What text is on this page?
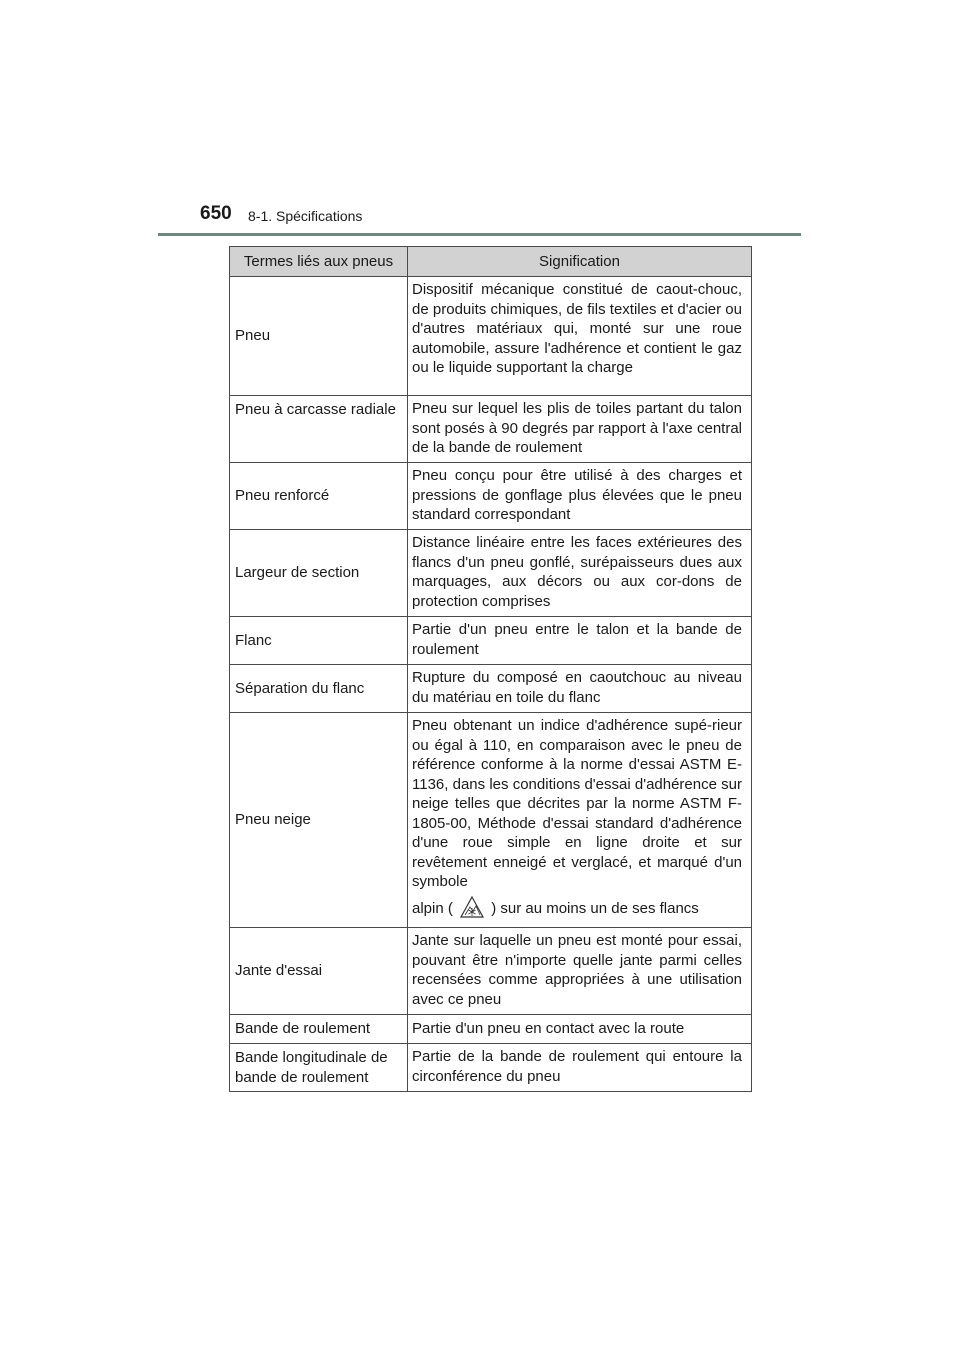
650 8-1. Spécifications
Termes liés aux pneus	Signification
Pneu	Dispositif mécanique constitué de caout-chouc, de produits chimiques, de fils textiles et d'acier ou d'autres matériaux qui, monté sur une roue automobile, assure l'adhérence et contient le gaz ou le liquide supportant la charge

Pneu à carcasse radiale	Pneu sur lequel les plis de toiles partant du talon sont posés à 90 degrés par rapport à l'axe central de la bande de roulement

Pneu renforcé	Pneu conçu pour être utilisé à des charges et pressions de gonflage plus élevées que le pneu standard correspondant

Largeur de section	Distance linéaire entre les faces extérieures des flancs d'un pneu gonflé, surépaisseurs dues aux marquages, aux décors ou aux cor-dons de protection comprises

Flanc	Partie d'un pneu entre le talon et la bande de roulement

Séparation du flanc	Rupture du composé en caoutchouc au niveau du matériau en toile du flanc

Pneu neige	Pneu obtenant un indice d'adhérence supé-rieur ou égal à 110, en comparaison avec le pneu de référence conforme à la norme d'essai ASTM E-1136, dans les conditions d'essai d'adhérence sur neige telles que décrites par la norme ASTM F-1805-00, Méthode d'essai standard d'adhérence d'une roue simple en ligne droite et sur revêtement enneigé et verglacé, et marqué d'un symbole
alpin ( ) sur au moins un de ses flancs

Jante d'essai	Jante sur laquelle un pneu est monté pour essai, pouvant être n'importe quelle jante parmi celles recensées comme appropriées à une utilisation avec ce pneu

Bande de roulement	Partie d'un pneu en contact avec la route

Bande longitudinale de bande de roulement	Partie de la bande de roulement qui entoure la circonférence du pneu
